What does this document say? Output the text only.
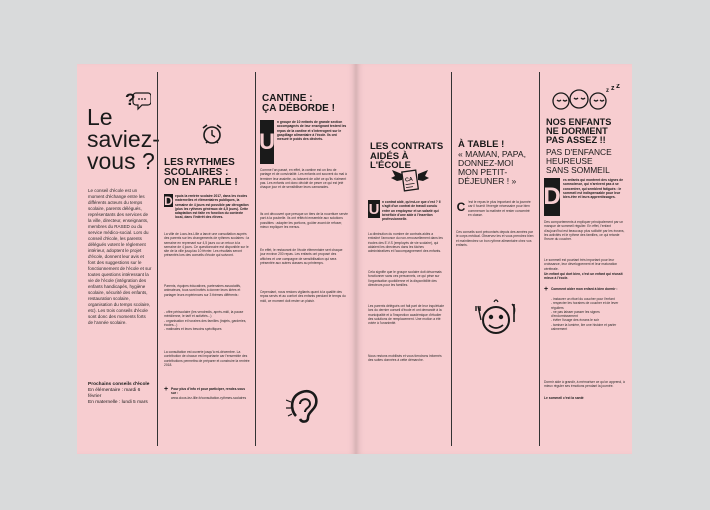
?
Le
saviez-
vous ?
Le conseil d'école est un moment d'échange entre les différents acteurs du temps scolaire, parents délégués, représentants des services de la ville, directeur, enseignants, membres du RASED ou du service médico-social. Lors du conseil d'école, les parents délégués votent le règlement intérieur, adoptent le projet d'école, donnent leur avis et font des suggestions sur le fonctionnement de l'école et sur toutes questions intéressant la vie de l'école (intégration des enfants handicapés, hygiène scolaire, sécurité des enfants, restauration scolaire, organisation du temps scolaire, etc). Les trois conseils d'école sont donc des moments forts de l'année scolaire.
Prochains conseils d'école
En élémentaire : mardi 6 février
En maternelle : lundi 5 mars
LES RYTHMES
SCOLAIRES :
ON EN PARLE !
D epuis la rentrée scolaire 2017, dans les écoles maternelles et élémentaires publiques, la semaine de 4 jours est possible par dérogation (plus les rythmes généraux de 4,5 jours). Cette adaptation est faite en fonction du contexte local, dans l'intérêt des élèves.
La ville de Loos-lez-Lille a lancé une consultation auprès des parents sur les changements de rythmes scolaires : la semaine en reprenant sur 4,5 jours ou un retour à la semaine de 4 jours. Ce questionnaire est disponible sur le site de la ville jusqu'au 10 février. Les résultats seront présentés lors des conseils d'école qui suivront.
Parents, équipes éducatives, partenaires associatifs, animateurs, tous sont invités à donner leurs idées et partager leurs expériences sur 3 thèmes différents :
- offre périscolaire (les vendredis, après-midi, la pause méridienne, le tarif et activités...)
- organisation et horaires des familles (trajets, garderies, écoles...)
- matinales et leurs besoins spécifiques
La consultation est ouverte jusqu'à mi-décembre. La contribution de chacun est importante car l'ensemble des contributions permettra de préparer et construire la rentrée 2018.
+ Pour plus d'info et pour participer, rendez-vous sur :
www.cloos-lez-lille.fr/consultation-rythmes-scolaires
CANTINE :
ÇA DÉBORDE !
U
n groupe de 10 enfants de grande section accompagnés de leur enseignant testent les repas de la cantine et s'interrogent sur le gaspillage alimentaire à l'école. Ils ont mesuré le poids des déchets.
Comme l'an passé, en effet, la cantine est un lieu de partage et de convivialité. Les enfants ont souvent du mal à terminer leur assiette, ou laissent de côté ce qu'ils n'aiment pas. Les enfants ont donc décidé de peser ce qui est jeté chaque jour et de sensibiliser leurs camarades.
Ils ont découvert que presque un tiers de la nourriture servie part à la poubelle. Ils ont réfléchi ensemble aux solutions possibles : adapter les portions, goûter avant de refuser, mieux expliquer les menus.
En effet, le restaurant de l'école élémentaire sert chaque jour environ 200 repas. Les enfants ont proposé des affiches et une campagne de sensibilisation qui sera présentée aux autres classes au printemps.
Cependant, nous restons vigilants quant à la qualité des repas servis et au confort des enfants pendant le temps du midi, ce moment doit rester un plaisir.
LES CONTRATS
AIDÉS À L'ÉCOLE
CA
U n contrat aidé, qu'est-ce que c'est ? Il s'agit d'un contrat de travail conclu entre un employeur et un salarié qui bénéficie d'une aide à l'insertion professionnelle.
La diminution du nombre de contrats aidés a entraîné l'annonce du non-renouvellement dans les écoles des E.V.S (employés de vie scolaire), qui aidaient les directeurs dans les tâches administratives et l'accompagnement des enfants.
Cela signifie que le groupe scolaire doit désormais fonctionner sans ces personnels, ce qui pèse sur l'organisation quotidienne et la disponibilité des directeurs pour les familles.
Les parents délégués ont fait part de leur inquiétude lors du dernier conseil d'école et ont demandé à la municipalité et à l'inspection académique d'étudier des solutions de remplacement. Une motion a été votée à l'unanimité.
Nous restons mobilisés et vous tiendrons informés des suites données à cette démarche.
À TABLE !
« MAMAN, PAPA,
DONNEZ-MOI
MON PETIT-
DÉJEUNER ! »
C 'est le repas le plus important de la journée car il fournit l'énergie nécessaire pour bien commencer la matinée et rester concentré en classe.
Ces conseils sont préconisés depuis des années par le corps médical. Observez les et vous prendrez bien et maintiendrez un bon rythme alimentaire chez vos enfants.
z z z
NOS ENFANTS
NE DORMENT
PAS ASSEZ !!
PAS D'ENFANCE
HEUREUSE
SANS SOMMEIL
D
es enfants qui montrent des signes de somnolence, qui n'arrivent pas à se concentrer, qui semblent fatigués : le sommeil est indispensable pour leur bien-être et leurs apprentissages.
Des comportements à expliquer principalement par un manque de sommeil régulier. En effet, l'enfant d'aujourd'hui est beaucoup plus sollicité par les écrans, les activités et le rythme des familles, ce qui retarde l'heure du coucher.
Le sommeil est pourtant très important pour leur croissance, leur développement et leur maturation cérébrale.
Un enfant qui dort bien, c'est un enfant qui réussit mieux à l'école.
+ Comment aider mon enfant à bien dormir :
- instaurer un rituel du coucher pour l'enfant
- respecter les horaires de coucher et de lever réguliers
- ne pas laisser passer les signes d'endormissement
- éviter l'usage des écrans le soir
- tamiser la lumière, lire une histoire et parler calmement
Dormir aide à grandir, à mémoriser ce qu'on apprend, à mieux réguler ses émotions pendant la journée.
Le sommeil c'est la santé
